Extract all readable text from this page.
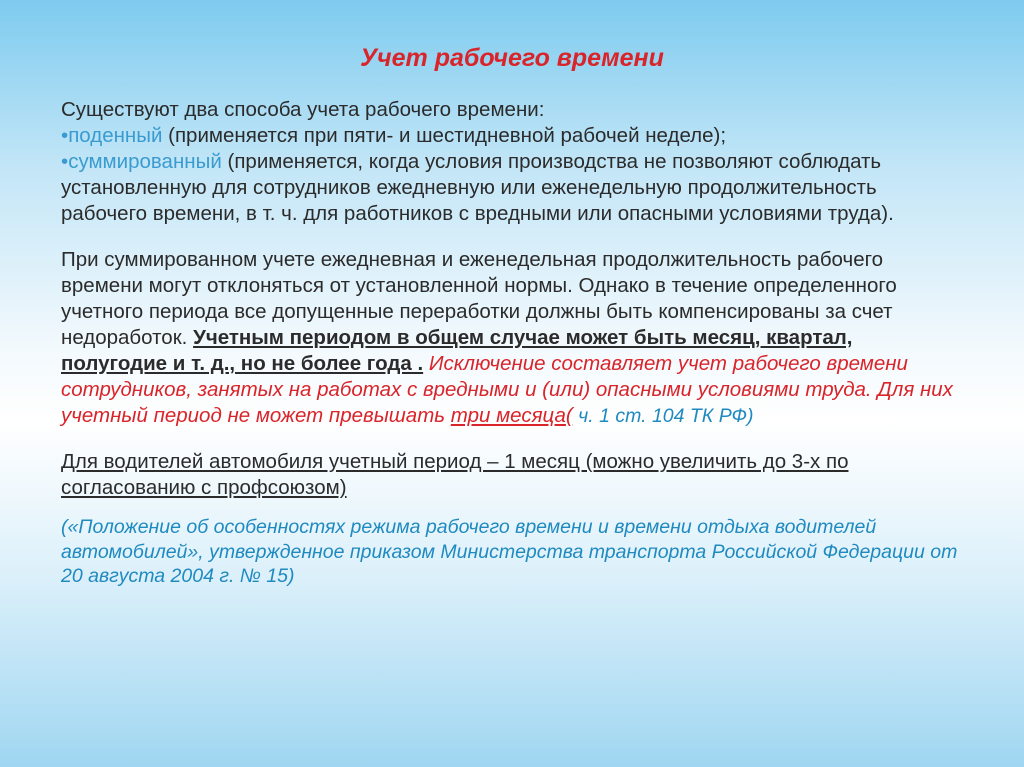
Учет рабочего времени

Существуют два способа учета рабочего времени:

•поденный (применяется при пяти- и шестидневной рабочей неделе);

•суммированный (применяется, когда условия производства не позволяют соблюдать установленную для сотрудников ежедневную или еженедельную продолжительность рабочего времени, в т. ч. для работников с вредными или опасными условиями труда).

При суммированном учете ежедневная и еженедельная продолжительность рабочего времени могут отклоняться от установленной нормы. Однако в течение определенного учетного периода все допущенные переработки должны быть компенсированы за счет недоработок. Учетным периодом в общем случае может быть месяц, квартал, полугодие и т. д., но не более года . Исключение составляет учет рабочего времени сотрудников, занятых на работах с вредными и (или) опасными условиями труда. Для них учетный период не может превышать три месяца( ч. 1 ст. 104 ТК РФ)

Для водителей автомобиля учетный период – 1 месяц (можно увеличить до 3-х по согласованию с профсоюзом)

(«Положение об особенностях режима рабочего времени и времени отдыха водителей автомобилей», утвержденное приказом Министерства транспорта Российской Федерации от 20 августа 2004 г. № 15)
